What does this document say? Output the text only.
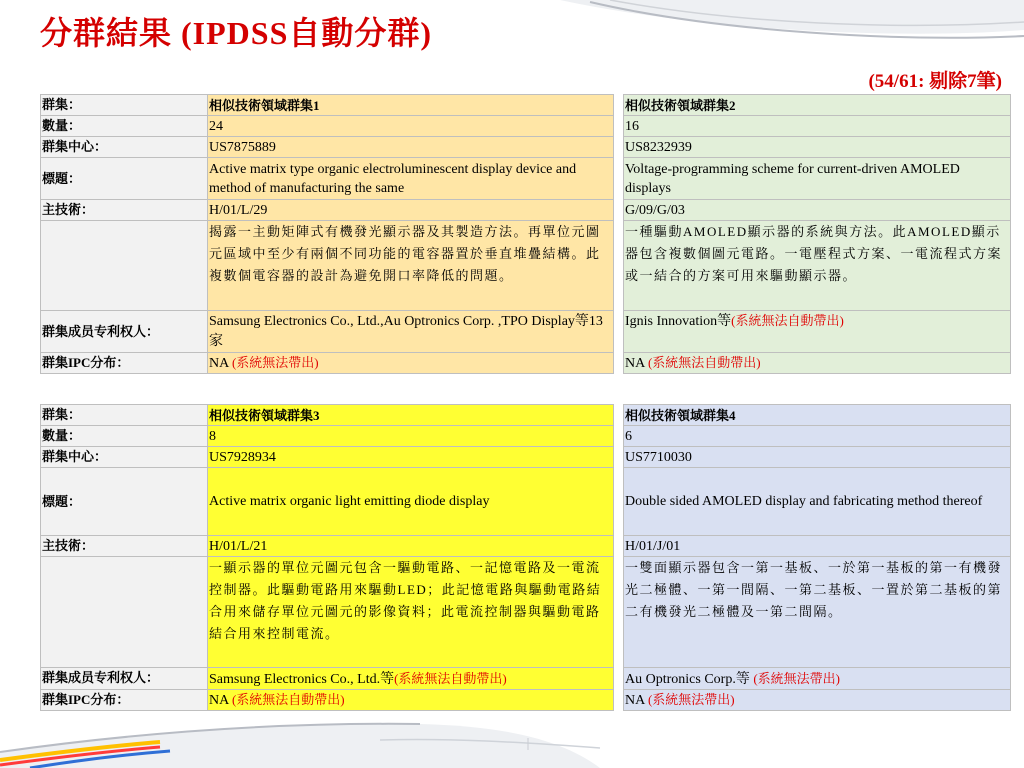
分群結果 (IPDSS自動分群)
(54/61: 剔除7筆)
群集：	相似技術領域群集1		相似技術領域群集2
數量：	24		16
群集中心：	US7875889		US8232939
標題：	Active matrix type organic electroluminescent display device and method of manufacturing the same		Voltage-programming scheme for current-driven AMOLED displays
主技術：	H/01/L/29		G/09/G/03
	揭露一主動矩陣式有機發光顯示器及其製造方法。再單位元圖元區域中至少有兩個不同功能的電容器置於垂直堆疊結構。此複數個電容器的設計為避免開口率降低的問題。		一種驅動AMOLED顯示器的系統與方法。此AMOLED顯示器包含複數個圖元電路。一電壓程式方案、一電流程式方案或一結合的方案可用來驅動顯示器。
群集成员专利权人：	Samsung Electronics Co., Ltd.,Au Optronics Corp. ,TPO Display等13家		Ignis Innovation等(系統無法自動帶出)
群集IPC分布：	NA (系統無法帶出)		NA (系統無法自動帶出)
群集：	相似技術領域群集3		相似技術領域群集4
數量：	8		6
群集中心：	US7928934		US7710030
標題：	Active matrix organic light emitting diode display		Double sided AMOLED display and fabricating method thereof
主技術：	H/01/L/21		H/01/J/01
	一顯示器的單位元圖元包含一驅動電路、一記憶電路及一電流控制器。此驅動電路用來驅動LED；此記憶電路與驅動電路結合用來儲存單位元圖元的影像資料；此電流控制器與驅動電路結合用來控制電流。		一雙面顯示器包含一第一基板、一於第一基板的第一有機發光二極體、一第一間隔、一第二基板、一置於第二基板的第二有機發光二極體及一第二間隔。
群集成员专利权人：	Samsung Electronics Co., Ltd.等(系統無法自動帶出)		Au Optronics Corp.等 (系統無法帶出)
群集IPC分布：	NA (系統無法自動帶出)		NA (系統無法帶出)
